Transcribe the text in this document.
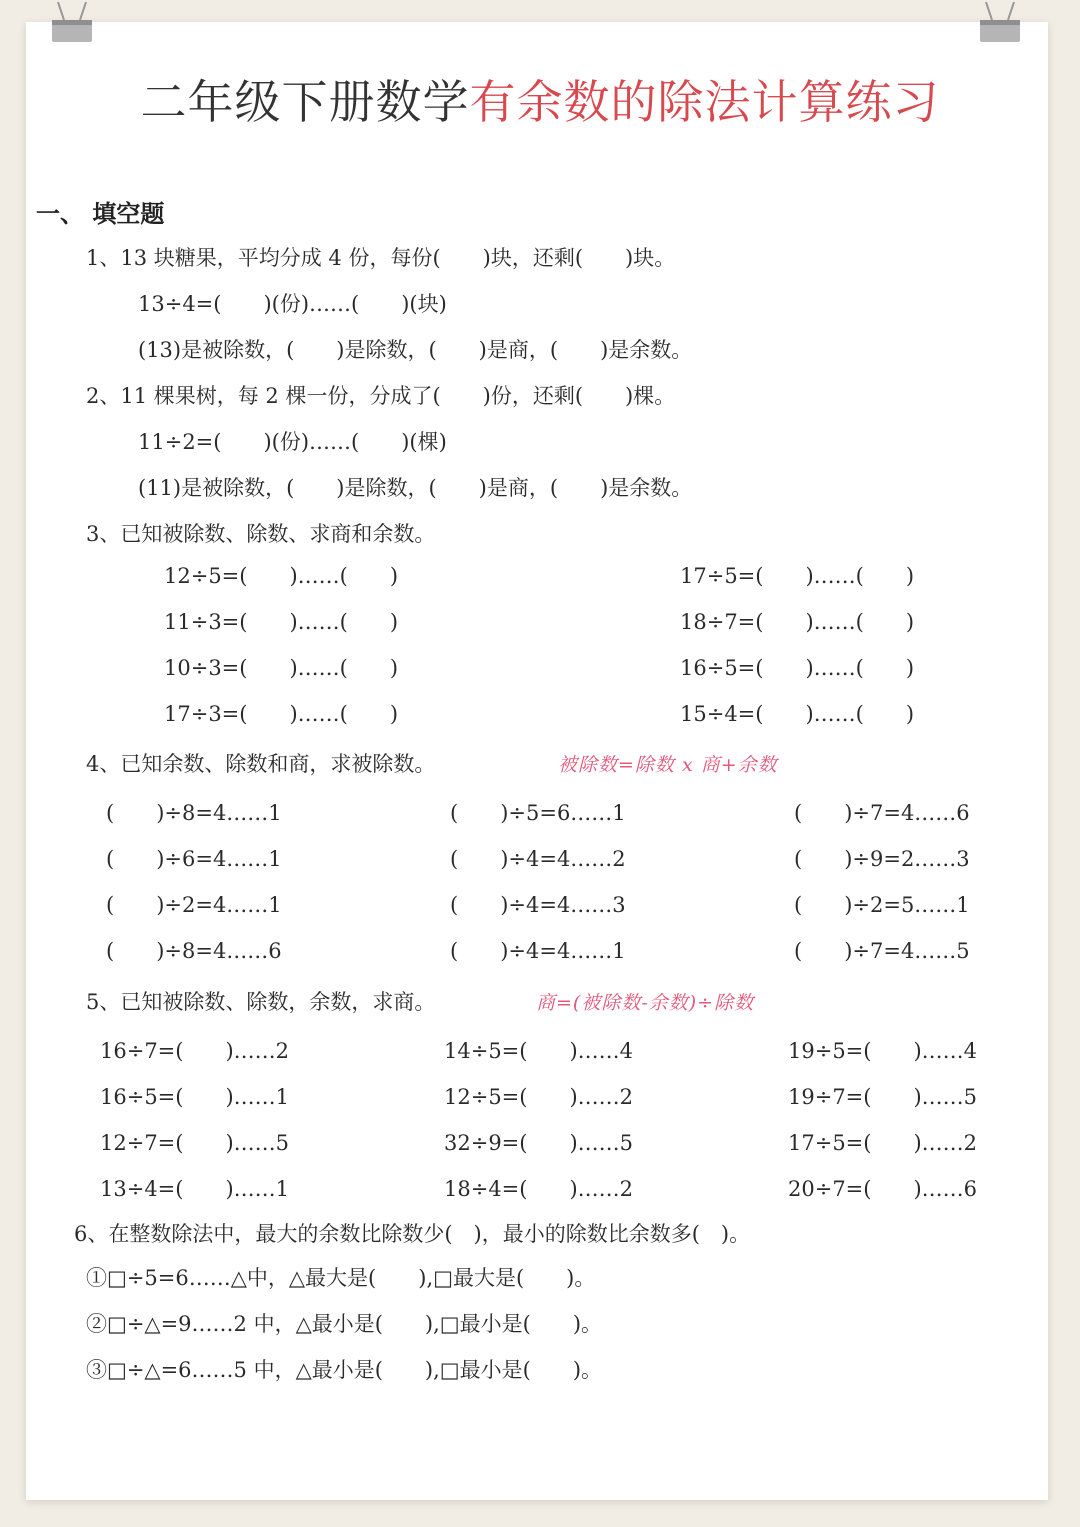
二年级下册数学有余数的除法计算练习
一、 填空题
1、13 块糖果，平均分成 4 份，每份(　　)块，还剩(　　)块。
13÷4=(　　)(份)……(　　)(块)
(13)是被除数，(　　)是除数，(　　)是商，(　　)是余数。
2、11 棵果树，每 2 棵一份，分成了(　　)份，还剩(　　)棵。
11÷2=(　　)(份)……(　　)(棵)
(11)是被除数，(　　)是除数，(　　)是商，(　　)是余数。
3、已知被除数、除数、求商和余数。
12÷5=(　　)……(　　)
11÷3=(　　)……(　　)
10÷3=(　　)……(　　)
17÷3=(　　)……(　　)
17÷5=(　　)……(　　)
18÷7=(　　)……(　　)
16÷5=(　　)……(　　)
15÷4=(　　)……(　　)
4、已知余数、除数和商，求被除数。	被除数=除数 x 商+余数
(　　)÷8=4……1
(　　)÷6=4……1
(　　)÷2=4……1
(　　)÷8=4……6
(　　)÷5=6……1
(　　)÷4=4……2
(　　)÷4=4……3
(　　)÷4=4……1
(　　)÷7=4……6
(　　)÷9=2……3
(　　)÷2=5……1
(　　)÷7=4……5
5、已知被除数、除数，余数，求商。	商=(被除数-余数)÷除数
16÷7=(　　)……2
16÷5=(　　)……1
12÷7=(　　)……5
13÷4=(　　)……1
14÷5=(　　)……4
12÷5=(　　)……2
32÷9=(　　)……5
18÷4=(　　)……2
19÷5=(　　)……4
19÷7=(　　)……5
17÷5=(　　)……2
20÷7=(　　)……6
6、在整数除法中，最大的余数比除数少(　)，最小的除数比余数多(　)。
①□÷5=6……△中，△最大是(　　),□最大是(　　)。
②□÷△=9……2 中，△最小是(　　),□最小是(　　)。
③□÷△=6……5 中，△最小是(　　),□最小是(　　)。
